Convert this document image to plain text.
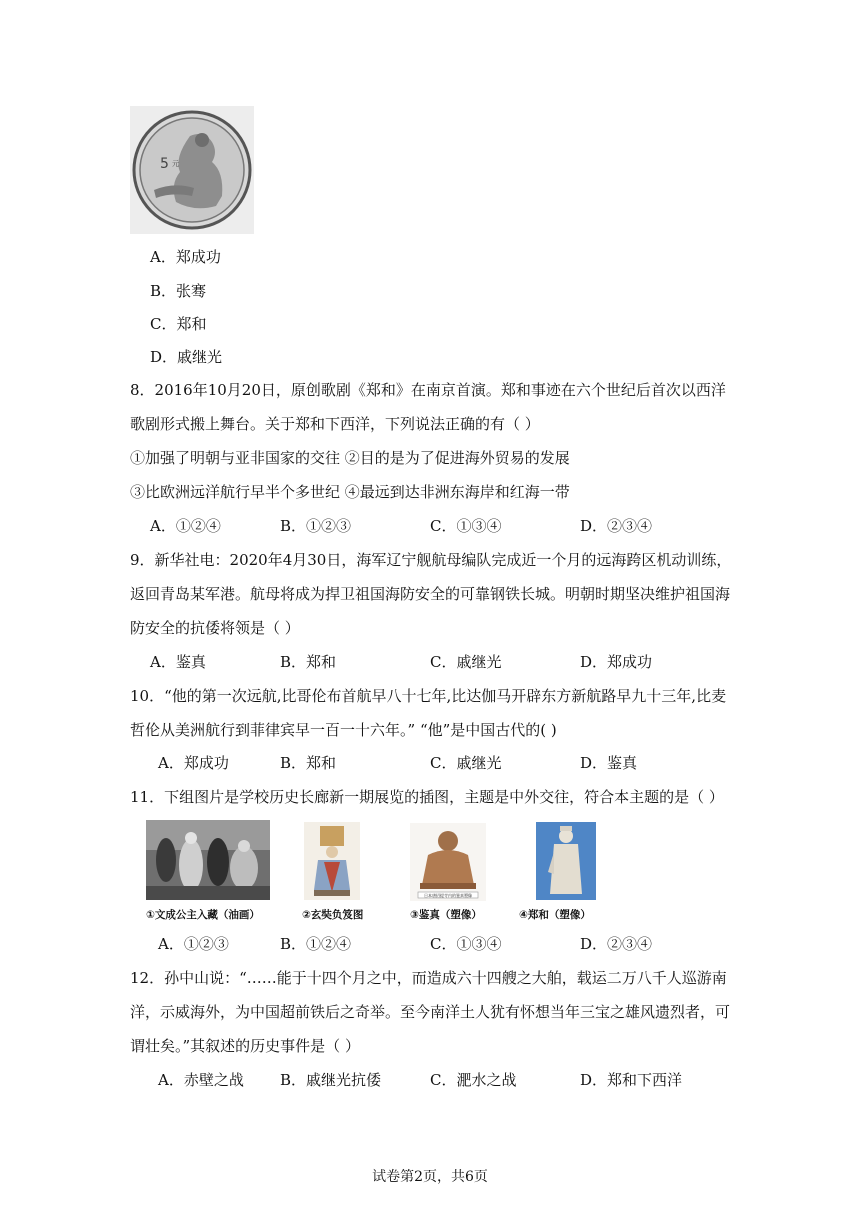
5 元
A．郑成功
B．张骞
C．郑和
D．戚继光
8．2016年10月20日，原创歌剧《郑和》在南京首演。郑和事迹在六个世纪后首次以西洋
歌剧形式搬上舞台。关于郑和下西洋，下列说法正确的有（ ）
①加强了明朝与亚非国家的交往 ②目的是为了促进海外贸易的发展
③比欧洲远洋航行早半个多世纪 ④最远到达非洲东海岸和红海一带
A．①②④	B．①②③	C．①③④	D．②③④
9．新华社电：2020年4月30日，海军辽宁舰航母编队完成近一个月的远海跨区机动训练，
返回青岛某军港。航母将成为捍卫祖国海防安全的可靠钢铁长城。明朝时期坚决维护祖国海
防安全的抗倭将领是（ ）
A．鉴真	B．郑和	C．戚继光	D．郑成功
10．“他的第一次远航,比哥伦布首航早八十七年,比达伽马开辟东方新航路早九十三年,比麦
哲伦从美洲航行到菲律宾早一百一十六年。” “他”是中国古代的( )
A．郑成功	B．郑和	C．戚继光	D．鉴真
11．下组图片是学校历史长廊新一期展览的插图，主题是中外交往，符合本主题的是（ ）
日本唐招提寺内的鉴真塑像
①文成公主入藏（油画）	②玄奘负笈图	③鉴真（塑像）	④郑和（塑像）
A．①②③	B．①②④	C．①③④	D．②③④
12．孙中山说：“……能于十四个月之中，而造成六十四艘之大舶，载运二万八千人巡游南
洋，示威海外，为中国超前铁后之奇举。至今南洋土人犹有怀想当年三宝之雄风遗烈者，可
谓壮矣。”其叙述的历史事件是（ ）
A．赤壁之战 B．戚继光抗倭	C．淝水之战	D．郑和下西洋
试卷第2页，共6页
